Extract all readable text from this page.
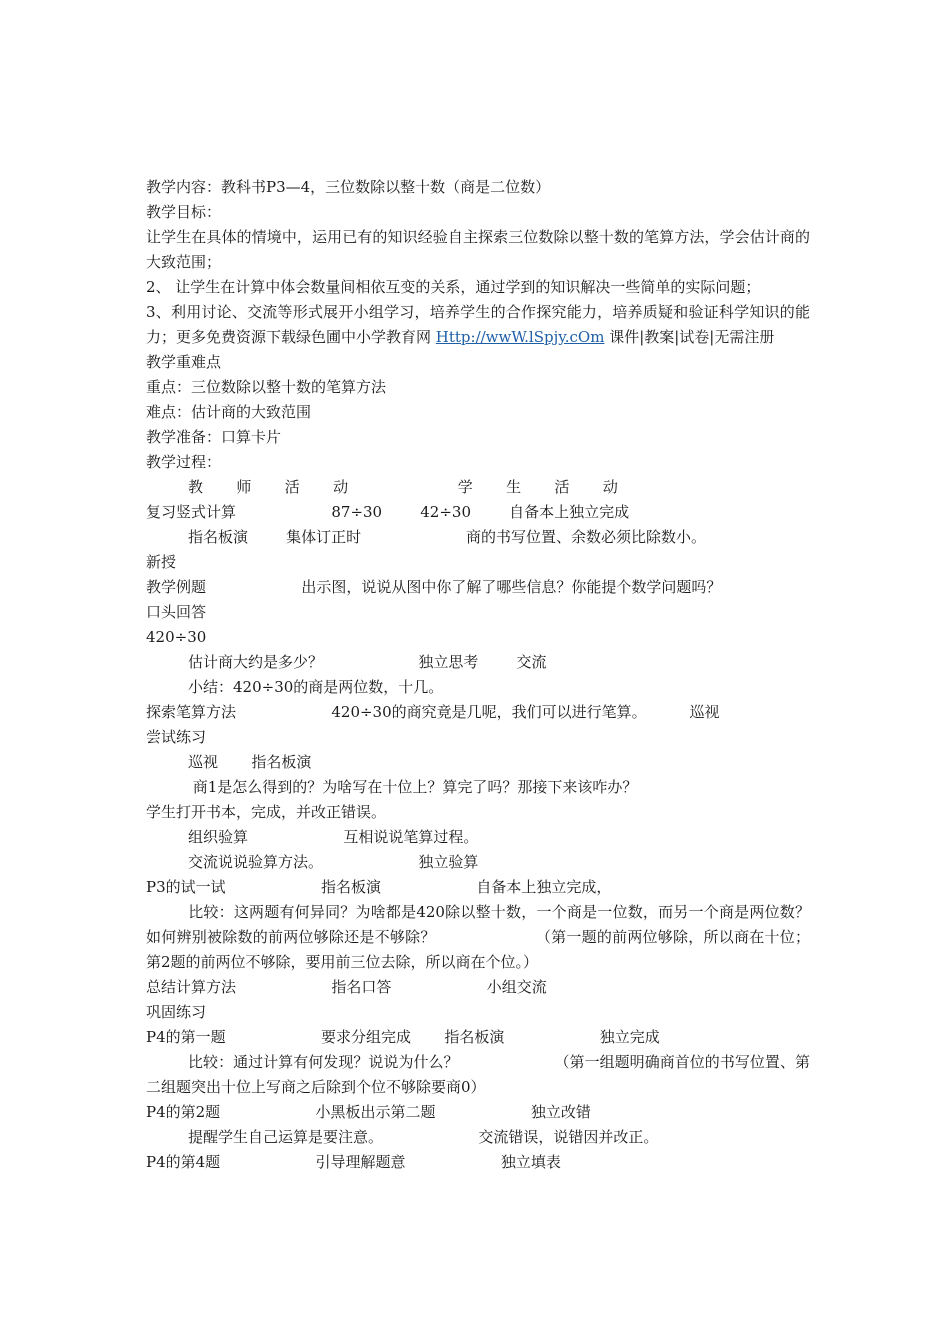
教学内容：教科书P3—4，三位数除以整十数（商是二位数）
教学目标：
让学生在具体的情境中，运用已有的知识经验自主探索三位数除以整十数的笔算方法，学会估计商的大致范围；
2、 让学生在计算中体会数量间相依互变的关系，通过学到的知识解决一些简单的实际问题；
3、利用讨论、交流等形式展开小组学习，培养学生的合作探究能力，培养质疑和验证科学知识的能力；更多免费资源下载绿色圃中小学教育网 Http://wwW.lSpjy.cOm 课件|教案|试卷|无需注册
教学重难点
重点：三位数除以整十数的笔算方法
难点：估计商的大致范围
教学准备：口算卡片
教学过程：
教       师       活       动                       学       生       活       动
复习竖式计算                    87÷30        42÷30        自备本上独立完成
指名板演        集体订正时                      商的书写位置、余数必须比除数小。
新授
教学例题                    出示图，说说从图中你了解了哪些信息？你能提个数学问题吗？
口头回答
420÷30
估计商大约是多少？                    独立思考        交流
小结：420÷30的商是两位数，十几。
探索笔算方法                    420÷30的商究竟是几呢，我们可以进行笔算。         巡视
尝试练习
巡视       指名板演
商1是怎么得到的？为啥写在十位上？算完了吗？那接下来该咋办？
学生打开书本，完成，并改正错误。
组织验算                    互相说说笔算过程。
交流说说验算方法。                    独立验算
P3的试一试                    指名板演                    自备本上独立完成，
比较：这两题有何异同？为啥都是420除以整十数，一个商是一位数，而另一个商是两位数？如何辨别被除数的前两位够除还是不够除？                    （第一题的前两位够除，所以商在十位；第2题的前两位不够除，要用前三位去除，所以商在个位。）
总结计算方法                    指名口答                    小组交流
巩固练习
P4的第一题                    要求分组完成       指名板演                    独立完成
比较：通过计算有何发现？说说为什么？                    （第一组题明确商首位的书写位置、第二组题突出十位上写商之后除到个位不够除要商0）
P4的第2题                    小黑板出示第二题                    独立改错
提醒学生自己运算是要注意。                    交流错误，说错因并改正。
P4的第4题                    引导理解题意                    独立填表
